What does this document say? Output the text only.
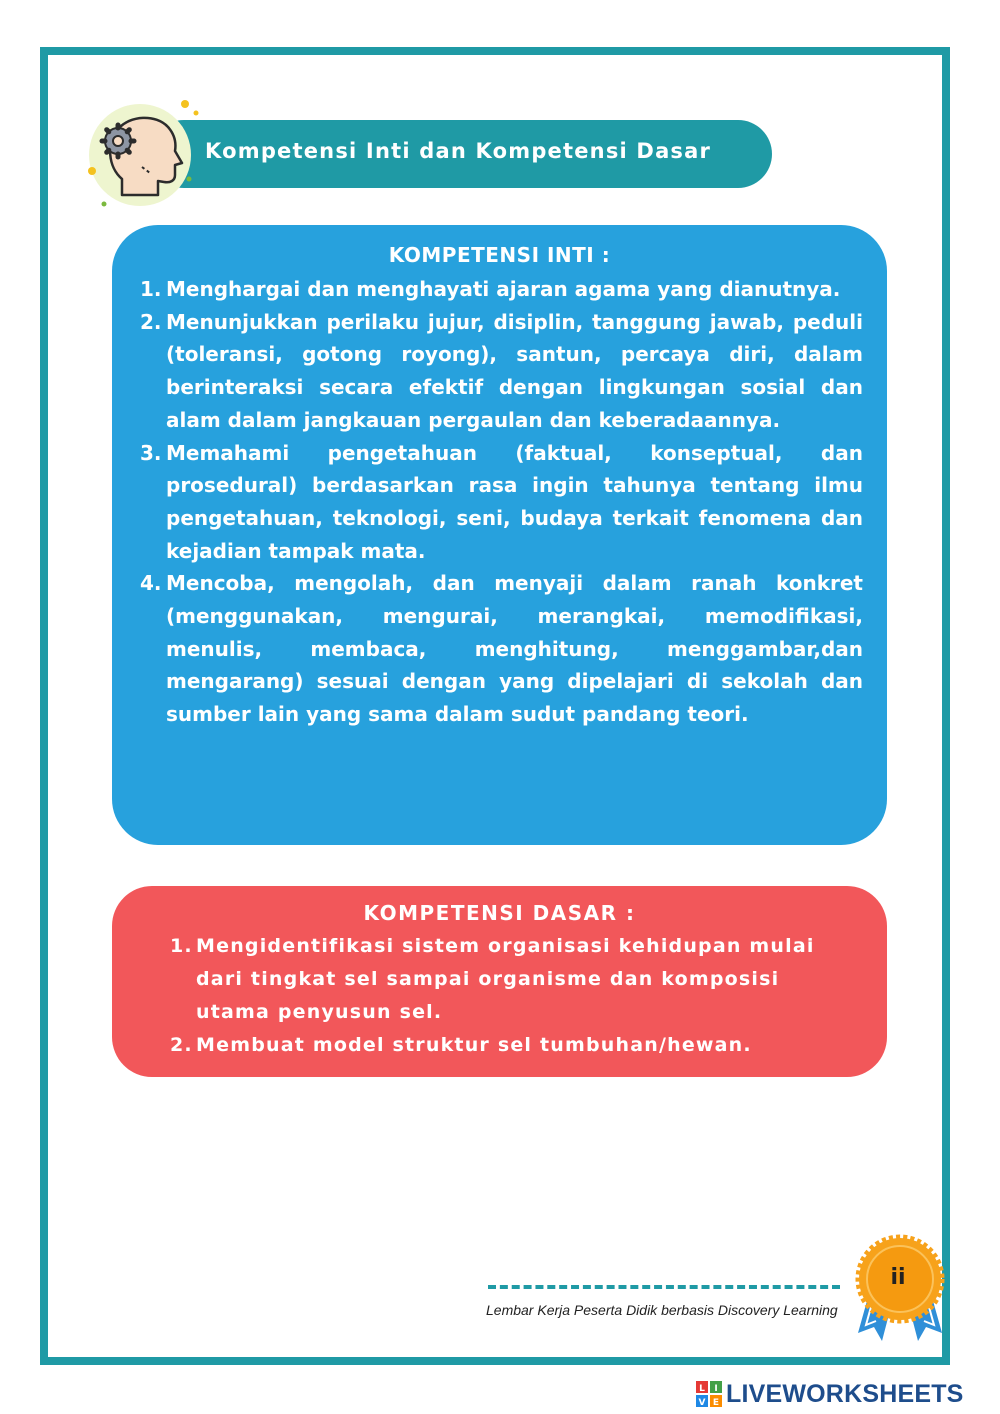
Kompetensi Inti dan Kompetensi Dasar
KOMPETENSI INTI :
1. Menghargai dan menghayati ajaran agama yang dianutnya.
2. Menunjukkan perilaku jujur, disiplin, tanggung jawab, peduli (toleransi, gotong royong), santun, percaya diri, dalam berinteraksi secara efektif dengan lingkungan sosial dan alam dalam jangkauan pergaulan dan keberadaannya.
3. Memahami pengetahuan (faktual, konseptual, dan prosedural) berdasarkan rasa ingin tahunya tentang ilmu pengetahuan, teknologi, seni, budaya terkait fenomena dan kejadian tampak mata.
4. Mencoba, mengolah, dan menyaji dalam ranah konkret (menggunakan, mengurai, merangkai, memodifikasi, menulis, membaca, menghitung, menggambar,dan mengarang) sesuai dengan yang dipelajari di sekolah dan sumber lain yang sama dalam sudut pandang teori.
KOMPETENSI DASAR :
1. Mengidentifikasi sistem organisasi kehidupan mulai dari tingkat sel sampai organisme dan komposisi utama penyusun sel.
2. Membuat model struktur sel tumbuhan/hewan.
Lembar Kerja Peserta Didik berbasis Discovery Learning
ii
L I
V E LIVEWORKSHEETS
